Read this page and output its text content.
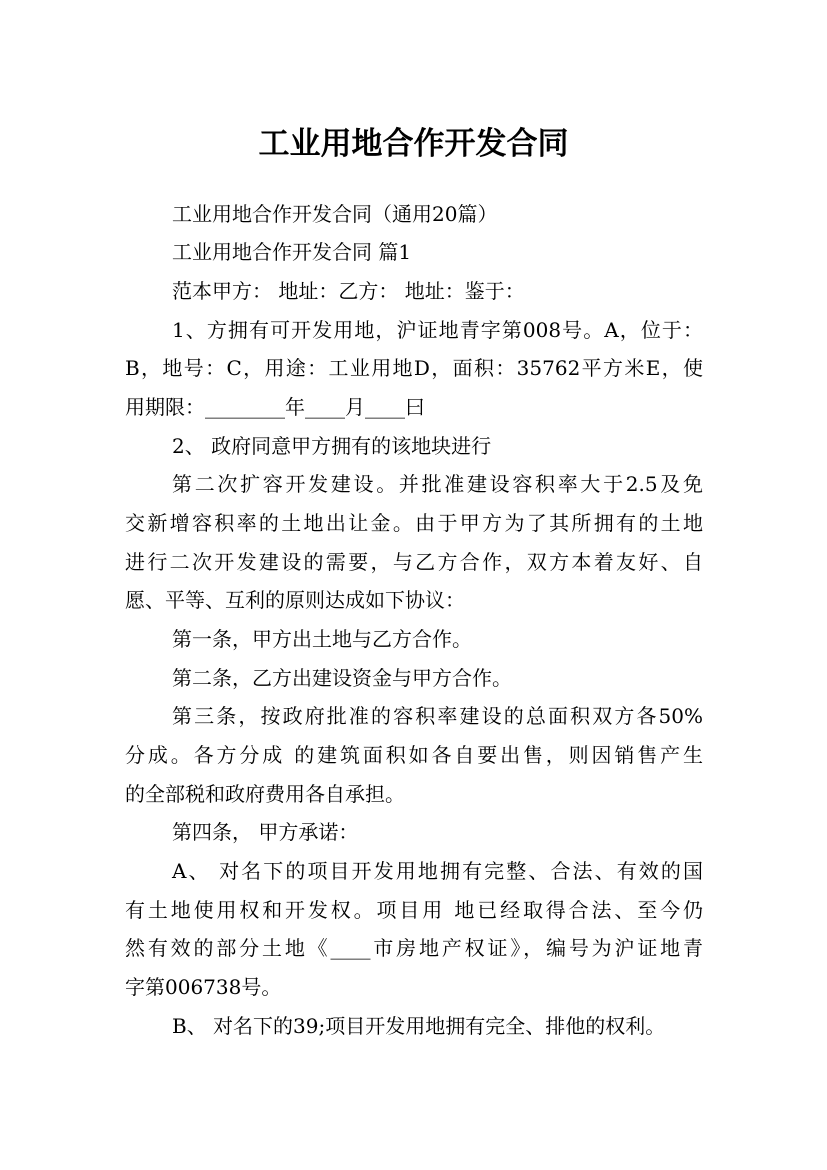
工业用地合作开发合同
工业用地合作开发合同（通用20篇）
工业用地合作开发合同 篇1
范本甲方： 地址：乙方： 地址：鉴于：
1、方拥有可开发用地，沪证地青字第008号。A，位于：
B，地号：C，用途：工业用地D，面积：35762平方米E，使
用期限：________年____月____曰
2、 政府同意甲方拥有的该地块进行
第二次扩容开发建设。并批准建设容积率大于2.5及免
交新增容积率的土地出让金。由于甲方为了其所拥有的土地
进行二次开发建设的需要，与乙方合作，双方本着友好、自
愿、平等、互利的原则达成如下协议：
第一条，甲方出土地与乙方合作。
第二条，乙方出建设资金与甲方合作。
第三条，按政府批准的容积率建设的总面积双方各50%
分成。各方分成 的建筑面积如各自要出售，则因销售产生
的全部税和政府费用各自承担。
第四条， 甲方承诺：
A、 对名下的项目开发用地拥有完整、合法、有效的国
有土地使用权和开发权。项目用 地已经取得合法、至今仍
然有效的部分土地《____市房地产权证》，编号为沪证地青
字第006738号。
B、 对名下的39;项目开发用地拥有完全、排他的权利。
